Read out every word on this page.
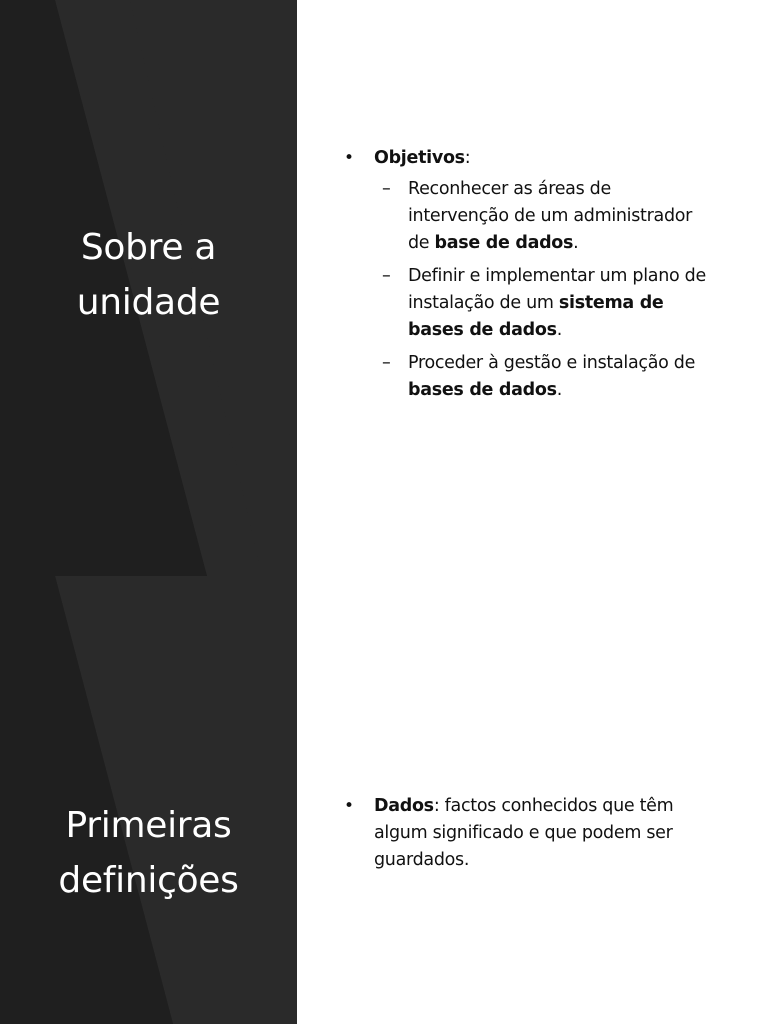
Sobre a
unidade
• Objetivos:
– Reconhecer as áreas de intervenção de um administrador de base de dados.
– Definir e implementar um plano de instalação de um sistema de bases de dados.
– Proceder à gestão e instalação de bases de dados.
Primeiras
definições
• Dados: factos conhecidos que têm algum significado e que podem ser guardados.
